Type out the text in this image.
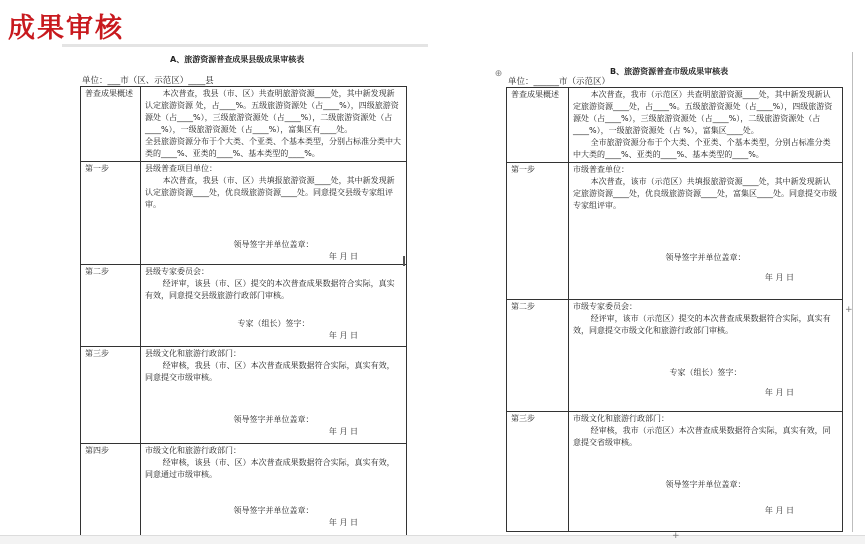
成果审核
A、旅游资源普查成果县级成果审核表
单位：___市（区、示范区）____县
普查成果概述	本次普查，我县（市、区）共查明旅游资源____处，其中新发现新认定旅游资源 处，占____%。五级旅游资源处（占____%），四级旅游资源处（占____%），三级旅游资源处（占____%），二级旅游资源处（占____%），一级旅游资源处（占____%），富集区有____处。
全县旅游资源分布于个大类、个亚类、个基本类型，分别占标准分类中大类的____%、亚类的____%、基本类型的____%。

第一步	县级普查项目单位：
本次普查，我县（市、区）共填报旅游资源____处，其中新发现新认定旅游资源____处，优良级旅游资源____处。同意提交县级专家组评审。
领导签字并单位盖章：
年 月 日

第二步	县级专家委员会：
经评审，该县（市、区）提交的本次普查成果数据符合实际，真实有效，同意提交县级旅游行政部门审核。
专家（组长）签字：
年 月 日

第三步	县级文化和旅游行政部门：
经审核，我县（市、区）本次普查成果数据符合实际，真实有效，同意提交市级审核。
领导签字并单位盖章：
年 月 日

第四步	市级文化和旅游行政部门：
经审核，该县（市、区）本次普查成果数据符合实际，真实有效，同意通过市级审核。
领导签字并单位盖章：
年 月 日
B、旅游资源普查市级成果审核表
⊕
单位：______市（示范区）
普查成果概述	本次普查，我市（示范区）共查明旅游资源____处，其中新发现新认定旅游资源____处，占____%。五级旅游资源处（占____%），四级旅游资源处（占____%），三级旅游资源处（占____%），二级旅游资源处（占____%），一级旅游资源处（占 %），富集区____处。
全市旅游资源分布于个大类、个亚类、个基本类型，分别占标准分类中大类的____%、亚类的____%、基本类型的____%。

第一步	市级普查单位：
本次普查，该市（示范区）共填报旅游资源____处，其中新发现新认定旅游资源____处，优良级旅游资源____处，富集区____处。同意提交市级专家组评审。
领导签字并单位盖章：
年 月 日

第二步	市级专家委员会：
经评审，该市（示范区）提交的本次普查成果数据符合实际，真实有效，同意提交市级文化和旅游行政部门审核。
专家（组长）签字：
年 月 日

第三步	市级文化和旅游行政部门：
经审核，我市（示范区）本次普查成果数据符合实际，真实有效，同意提交省级审核。
领导签字并单位盖章：
年 月 日
+
+
